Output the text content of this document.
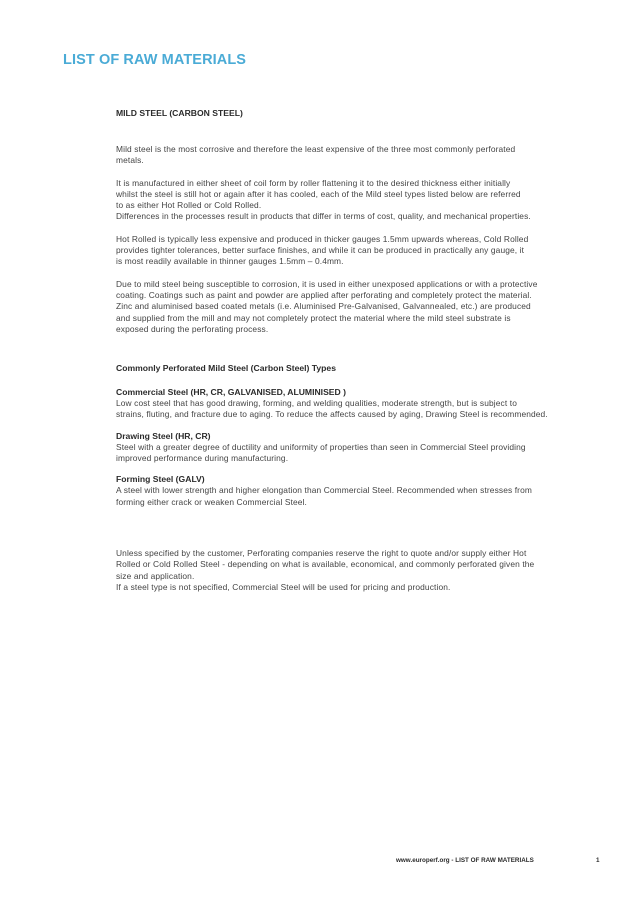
LIST OF RAW MATERIALS
MILD STEEL (CARBON STEEL)

Mild steel is the most corrosive and therefore the least expensive of the three most commonly perforated
metals.

It is manufactured in either sheet of coil form by roller flattening it to the desired thickness either initially
whilst the steel is still hot or again after it has cooled, each of the Mild steel types listed below are referred
to as either Hot Rolled or Cold Rolled.
Differences in the processes result in products that differ in terms of cost, quality, and mechanical properties.

Hot Rolled is typically less expensive and produced in thicker gauges 1.5mm upwards whereas, Cold Rolled
provides tighter tolerances, better surface finishes, and while it can be produced in practically any gauge, it
is most readily available in thinner gauges 1.5mm – 0.4mm.

Due to mild steel being susceptible to corrosion, it is used in either unexposed applications or with a protective
coating. Coatings such as paint and powder are applied after perforating and completely protect the material.
Zinc and aluminised based coated metals (i.e. Aluminised Pre-Galvanised, Galvannealed, etc.) are produced
and supplied from the mill and may not completely protect the material where the mild steel substrate is
exposed during the perforating process.

Commonly Perforated Mild Steel (Carbon Steel) Types
Commercial Steel (HR, CR, GALVANISED, ALUMINISED )

Low cost steel that has good drawing, forming, and welding qualities, moderate strength, but is subject to
strains, fluting, and fracture due to aging. To reduce the affects caused by aging, Drawing Steel is recommended.

Drawing Steel (HR, CR)

Steel with a greater degree of ductility and uniformity of properties than seen in Commercial Steel providing
improved performance during manufacturing.

Forming Steel (GALV)

A steel with lower strength and higher elongation than Commercial Steel. Recommended when stresses from
forming either crack or weaken Commercial Steel.

Unless specified by the customer, Perforating companies reserve the right to quote and/or supply either Hot
Rolled or Cold Rolled Steel - depending on what is available, economical, and commonly perforated given the
size and application.
If a steel type is not specified, Commercial Steel will be used for pricing and production.

www.europerf.org - LIST OF RAW MATERIALS	1
